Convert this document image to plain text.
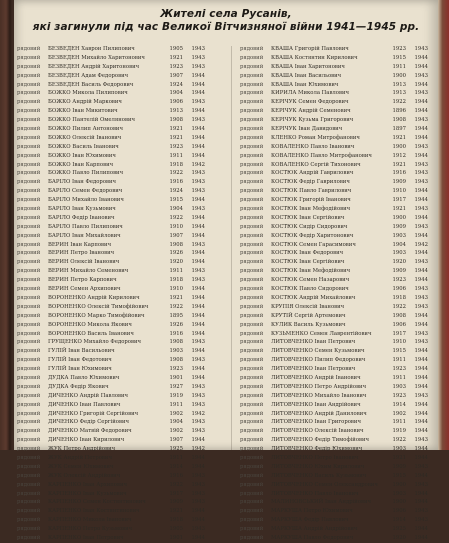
Жителі села Русанів,
які загинули під час Великої Вітчизняної війни 1941—1945 рр.
рядовий	БЕЗВЕДЕН Хаврон Пилипович	1905	1943
рядовий	БЕЗВЕДЕН Михайло Харитонович	1921	1943
рядовий	БЕЗВЕДЕН Андрій Харитонович	1923	1943
рядовий	БЕЗВЕДЕН Адам Федорович	1907	1944
рядовий	БЕЗВЕДЕН Василь Федорович	1924	1944
рядовий	БОЖКО Микола Пилипович	1904	1944
рядовий	БОЖКО Андрій Маркович	1906	1943
рядовий	БОЖКО Іван Микитович	1913	1944
рядовий	БОЖКО Пантелій Омелянович	1908	1943
рядовий	БОЖКО Пилип Антонович	1921	1944
рядовий	БОЖКО Олексій Іванович	1921	1944
рядовий	БОЖКО Василь Іванович	1923	1944
рядовий	БОЖКО Іван Юхимович	1911	1944
рядовий	БОЖКО Іван Карпович	1918	1942
рядовий	БОЖКО Павло Пилипович	1922	1943
рядовий	БАРІЛО Іван Федорович	1916	1943
рядовий	БАРІЛО Семен Федорович	1924	1943
рядовий	БАРІЛО Михайло Іванович	1915	1944
рядовий	БАРІЛО Іван Кузьмович	1904	1943
рядовий	БАРІЛО Федір Іванович	1922	1944
рядовий	БАРІЛО Павло Пилипович	1910	1944
рядовий	БАРІЛО Іван Михайлович	1907	1944
рядовий	ВЕРИН Іван Карпович	1908	1943
рядовий	ВЕРИН Петро Іванович	1926	1944
рядовий	ВЕРИН Олексій Іванович	1920	1944
рядовий	ВЕРИН Михайло Семенович	1911	1943
рядовий	ВЕРИН Петро Карпович	1918	1943
рядовий	ВЕРИН Семен Архипович	1910	1944
рядовий	ВОРОНЕНКО Андрій Кирилович	1921	1944
рядовий	ВОРОНЕНКО Олексій Тимофійович	1922	1944
рядовий	ВОРОНЕНКО Марко Тимофійович	1895	1944
рядовий	ВОРОНЕНКО Микола Якович	1926	1944
рядовий	ВОРОНЕНКО Василь Іванович	1916	1944
рядовий	ГРУЩЕНКО Михайло Федорович	1908	1943
рядовий	ГУЛІЙ Іван Васильович	1903	1944
рядовий	ГУЛІЙ Іван Федотович	1908	1943
рядовий	ГУЛІЙ Іван Юхимович	1923	1944
рядовий	ДУДКА Павло Юхимович	1901	1944
рядовий	ДУДКА Федір Якович	1927	1943
рядовий	ДИЧЕНКО Андрій Павлович	1919	1943
рядовий	ДИЧЕНКО Іван Павлович	1911	1943
рядовий	ДИЧЕНКО Григорій Сергійович	1902	1942
рядовий	ДИЧЕНКО Федір Сергійович	1904	1943
рядовий	ДИЧЕНКО Матвій Федорович	1902	1943
рядовий	ДИЧЕНКО Іван Кирилович	1907	1944
рядовий	ЖУК Петро Андрійович	1925	1942
рядовий	ЖУК Андрій Петрович	1911	1944
рядовий	ЖУК Семен Юхимович	1914	1944
рядовий	ЖУК Олексій Андрійович	1916	1943
рядовий	КАРПЕНКО Іван Архипович	1922	1943
рядовий	КАРПЕНКО Іван Кузьмович	1917	1943
рядовий	КАРПЕНКО Семен Костянтинович	1909	1943
рядовий	КАРПЕНКО Іван Костянтинович	1921	1944
рядовий	КАРПЕНКО Микола Іванович	1918	1944
рядовий	КАРПЕНКО Петро Кузьмович	1905	1943
рядовий	КАРПЕНКО Іван Петрович	1901	1944
рядовий	КВАША Григорій Павлович	1923	1943
рядовий	КВАША Костянтин Кирилович	1915	1944
рядовий	КВАША Іван Харитонович	1911	1944
рядовий	КВАША Іван Васильович	1900	1943
рядовий	КВАША Іван Юхимович	1913	1944
рядовий	КИРИЛА Микола Павлович	1913	1943
рядовий	КЕРІЧУК Семен Федорович	1922	1944
рядовий	КЕРІЧУК Андрій Семенович	1896	1944
рядовий	КЕРІЧУК Кузьма Григорович	1908	1943
рядовий	КЕРІЧУК Іван Давидович	1897	1944
рядовий	КЛЕНКО Роман Митрофанович	1921	1944
рядовий	КОВАЛЕНКО Павло Іванович	1900	1943
рядовий	КОВАЛЕНКО Павло Митрофанович	1912	1944
рядовий	КОВАЛЕНКО Сергій Тихонович	1921	1943
рядовий	КОСТЮК Андрій Гаврилович	1916	1943
рядовий	КОСТЮК Федір Гаврилович	1909	1943
рядовий	КОСТЮК Павло Гаврилович	1910	1944
рядовий	КОСТЮК Григорій Іванович	1917	1944
рядовий	КОСТЮК Іван Мефодійович	1921	1943
рядовий	КОСТЮК Іван Сергійович	1900	1944
рядовий	КОСТЮК Сидір Сидорович	1909	1943
рядовий	КОСТЮК Федір Харитонович	1903	1944
рядовий	КОСТЮК Семен Гарасимович	1904	1942
рядовий	КОСТЮК Іван Федорович	1903	1944
рядовий	КОСТЮК Іван Сергійович	1920	1943
рядовий	КОСТЮК Іван Мефодійович	1909	1944
рядовий	КОСТЮК Семен Назарович	1923	1944
рядовий	КОСТЮК Павло Сидорович	1906	1943
рядовий	КОСТЮК Андрій Михайлович	1918	1943
рядовий	КРУПІЯ Олексій Іванович	1922	1943
рядовий	КРУТІЙ Сергій Артемович	1908	1944
рядовий	КУЛИК Василь Кузьмович	1906	1944
рядовий	КУЗЬМЕНКО Семен Лаврентійович	1917	1943
рядовий	ЛИТОВЧЕНКО Іван Петрович	1910	1943
рядовий	ЛИТОВЧЕНКО Семен Кузьмович	1915	1944
рядовий	ЛИТОВЧЕНКО Пилип Федорович	1911	1944
рядовий	ЛИТОВЧЕНКО Іван Петрович	1923	1944
рядовий	ЛИТОВЧЕНКО Андрій Іванович	1911	1944
рядовий	ЛИТОВЧЕНКО Петро Андрійович	1903	1944
рядовий	ЛИТОВЧЕНКО Михайло Іванович	1923	1943
рядовий	ЛИТОВЧЕНКО Іван Андрійович	1914	1944
рядовий	ЛИТОВЧЕНКО Андрій Данилович	1902	1944
рядовий	ЛИТОВЧЕНКО Іван Григорович	1911	1944
рядовий	ЛИТОВЧЕНКО Олексій Іванович	1919	1944
рядовий	ЛИТОВЧЕНКО Федір Тимофійович	1922	1943
рядовий	ЛИТОВЧЕНКО Федір Юхимович	1903	1944
рядовий	ЛИТОВЧЕНКО Петро Іванович	1921	1944
рядовий	ЛИТОВЧЕНКО Юхим Кирилович	1909	1943
рядовий	ЛИТОВЧЕНКО Василь Кузьмович	1915	1944
рядовий	ЛИТОВЧЕНКО Семен Олександрович	1900	1943
рядовий	ЛИТОВЧЕНКО Павло Іванович	1903	1944
рядовий	МАЛИНОВСЬКИЙ Іван Андрійович	1900	1944
рядовий	МАРКУША Петро Юхимович	1906	1943
рядовий	МАРКУША Федір Павлович	1914	1943
рядовий	МАРКУША Андрій Андрійович	1925	1944
рядовий	МАРКУША Павло Федорович	1920	1944
